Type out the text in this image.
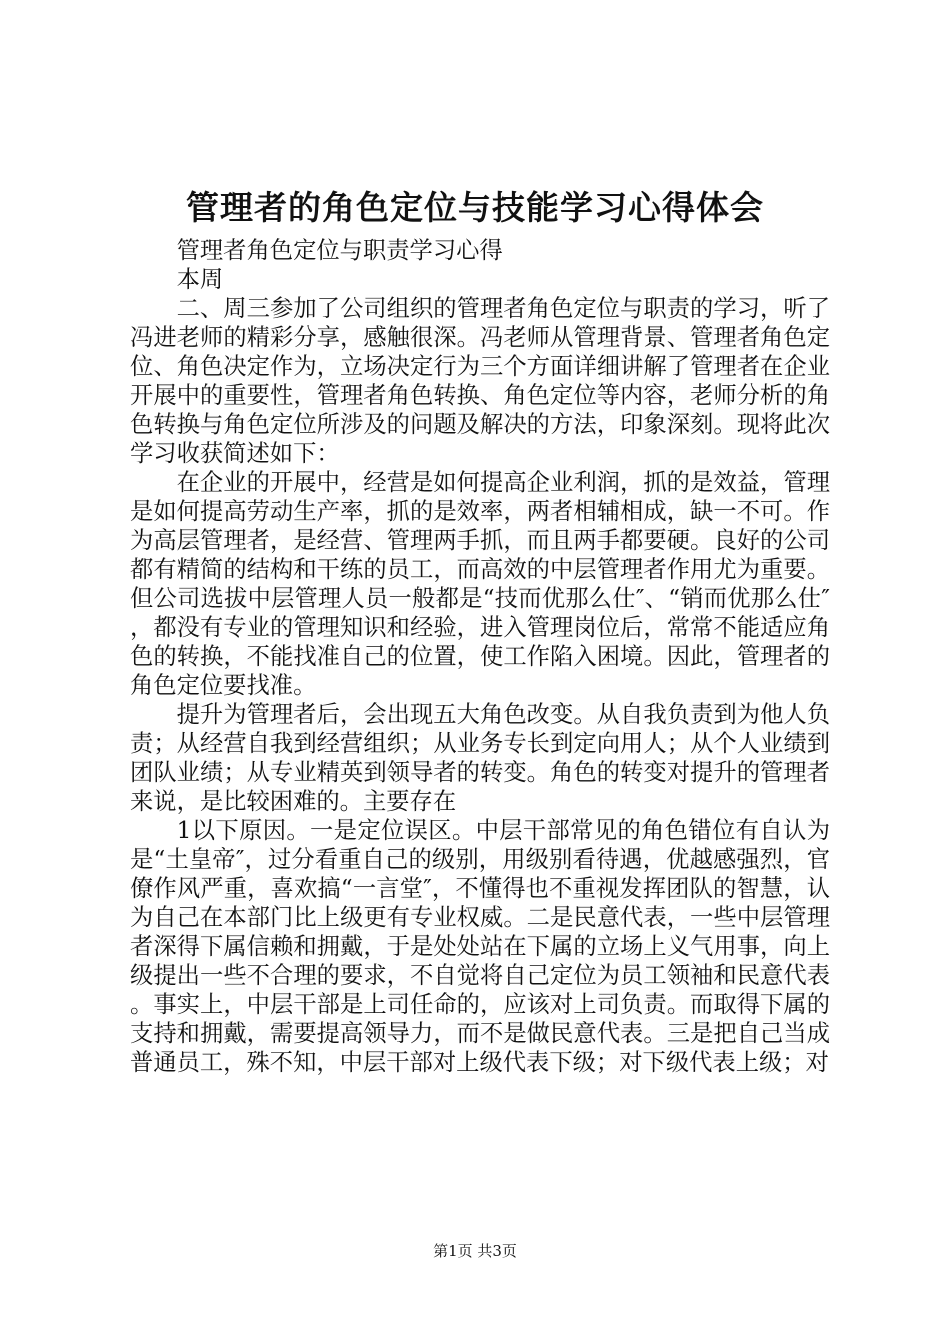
管理者的角色定位与技能学习心得体会

管理者角色定位与职责学习心得

本周

二、周三参加了公司组织的管理者角色定位与职责的学习，听了冯进老师的精彩分享，感触很深。冯老师从管理背景、管理者角色定位、角色决定作为，立场决定行为三个方面详细讲解了管理者在企业开展中的重要性，管理者角色转换、角色定位等内容，老师分析的角色转换与角色定位所涉及的问题及解决的方法，印象深刻。现将此次学习收获简述如下：

在企业的开展中，经营是如何提高企业利润，抓的是效益，管理是如何提高劳动生产率，抓的是效率，两者相辅相成，缺一不可。作为高层管理者，是经营、管理两手抓，而且两手都要硬。良好的公司都有精简的结构和干练的员工，而高效的中层管理者作用尤为重要。但公司选拔中层管理人员一般都是“技而优那么仕″、“销而优那么仕″，都没有专业的管理知识和经验，进入管理岗位后，常常不能适应角色的转换，不能找准自己的位置，使工作陷入困境。因此，管理者的角色定位要找准。

提升为管理者后，会出现五大角色改变。从自我负责到为他人负责；从经营自我到经营组织；从业务专长到定向用人；从个人业绩到团队业绩；从专业精英到领导者的转变。角色的转变对提升的管理者来说，是比较困难的。主要存在

1以下原因。一是定位误区。中层干部常见的角色错位有自认为是“土皇帝″，过分看重自己的级别，用级别看待遇，优越感强烈，官僚作风严重，喜欢搞“一言堂″，不懂得也不重视发挥团队的智慧，认为自己在本部门比上级更有专业权威。二是民意代表，一些中层管理者深得下属信赖和拥戴，于是处处站在下属的立场上义气用事，向上级提出一些不合理的要求，不自觉将自己定位为员工领袖和民意代表。事实上，中层干部是上司任命的，应该对上司负责。而取得下属的支持和拥戴，需要提高领导力，而不是做民意代表。三是把自己当成普通员工，殊不知，中层干部对上级代表下级；对下级代表上级；对

第1页 共3页
